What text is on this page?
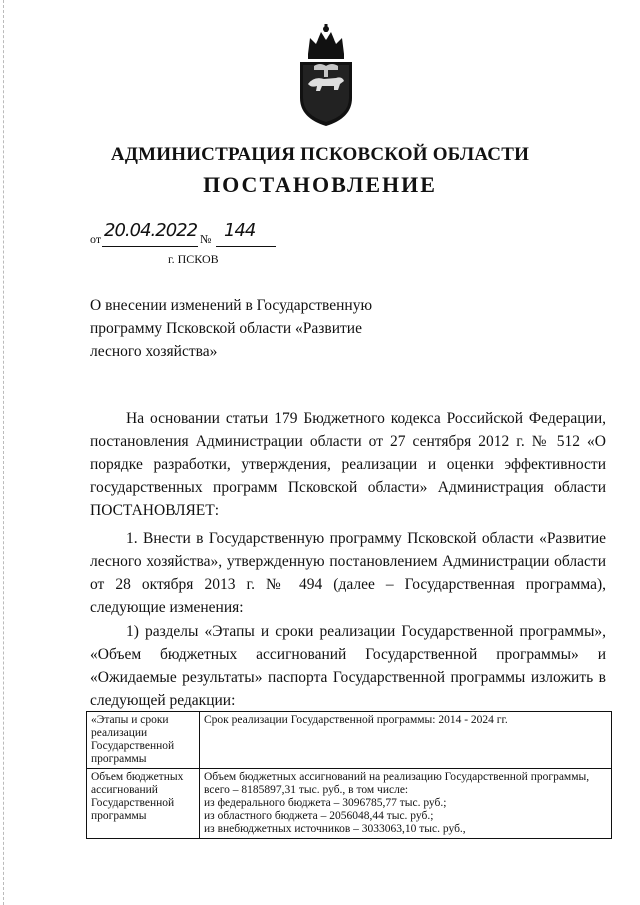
АДМИНИСТРАЦИЯ ПСКОВСКОЙ ОБЛАСТИ
ПОСТАНОВЛЕНИЕ
от 20.04.2022 № 144
г. ПСКОВ
О внесении изменений в Государственную
программу Псковской области «Развитие
лесного хозяйства»

На основании статьи 179 Бюджетного кодекса Российской Федерации, постановления Администрации области от 27 сентября 2012 г. № 512 «О порядке разработки, утверждения, реализации и оценки эффективности государственных программ Псковской области» Администрация области ПОСТАНОВЛЯЕТ:

1. Внести в Государственную программу Псковской области «Развитие лесного хозяйства», утвержденную постановлением Администрации области от 28 октября 2013 г. № 494 (далее – Государственная программа), следующие изменения:

1) разделы «Этапы и сроки реализации Государственной программы», «Объем бюджетных ассигнований Государственной программы» и «Ожидаемые результаты» паспорта Государственной программы изложить в следующей редакции:

«Этапы и сроки реализации Государственной программы	Срок реализации Государственной программы: 2014 - 2024 гг.

Объем бюджетных ассигнований Государственной программы	Объем бюджетных ассигнований на реализацию Государственной программы, всего – 8185897,31 тыс. руб., в том числе:
из федерального бюджета – 3096785,77 тыс. руб.;
из областного бюджета – 2056048,44 тыс. руб.;
из внебюджетных источников – 3033063,10 тыс. руб.,
